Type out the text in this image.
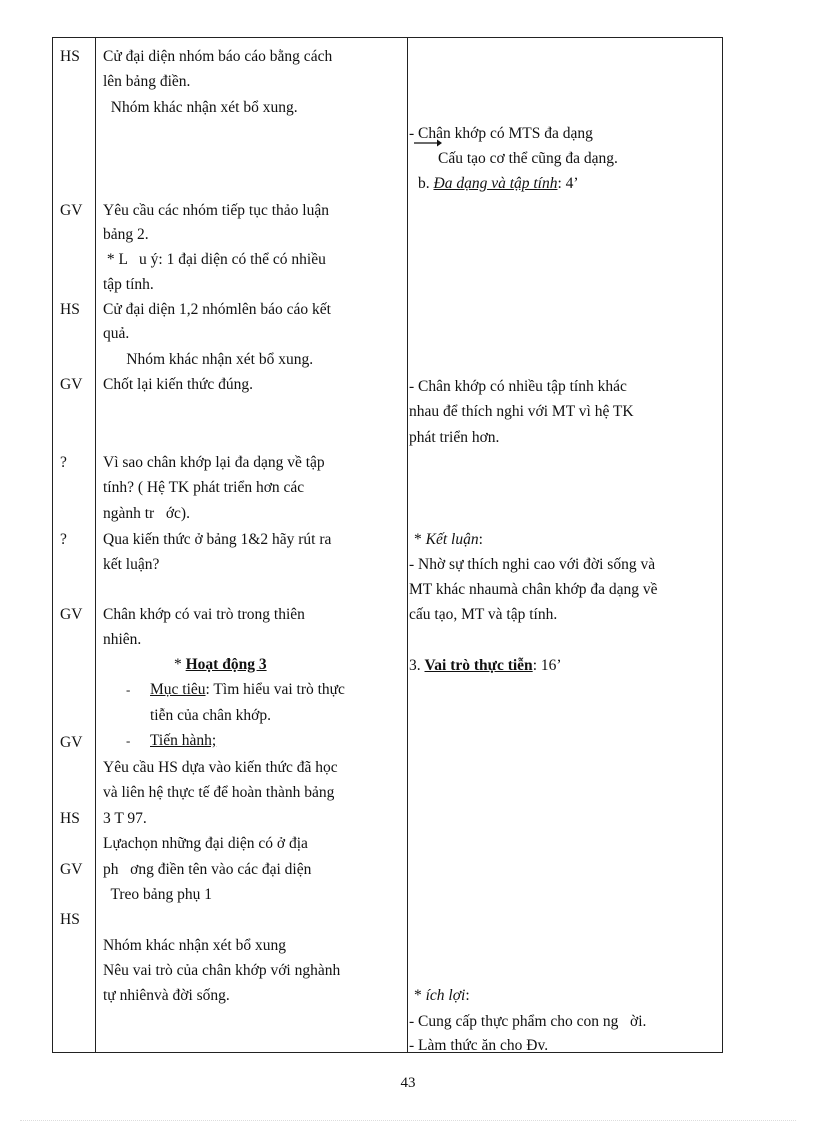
HS
GV
HS
GV
?
?
GV
GV
HS
GV
HS
Cử đại diện nhóm báo cáo bằng cách
lên bảng điền.
Nhóm khác nhận xét bổ xung.
Yêu cầu các nhóm tiếp tục thảo luận
bảng 2.
* L   u ý: 1 đại diện có thể có nhiều
tập tính.
Cử đại diện 1,2 nhómlên báo cáo kết
quả.
Nhóm khác nhận xét bổ xung.
Chốt lại kiến thức đúng.
Vì sao chân khớp lại đa dạng về tập
tính? ( Hệ TK phát triển hơn các
ngành tr   ớc).
Qua kiến thức ở bảng 1&2 hãy rút ra
kết luận?
Chân khớp có vai trò trong thiên
nhiên.
* Hoạt động 3
- Mục tiêu: Tìm hiểu vai trò thực
tiễn của chân khớp.
- Tiến hành;
Yêu cầu HS dựa vào kiến thức đã học
và liên hệ thực tế để hoàn thành bảng
3 T 97.
Lựachọn những đại diện có ở địa
ph   ơng điền tên vào các đại diện
Treo bảng phụ 1
Nhóm khác nhận xét bổ xung
Nêu vai trò của chân khớp với nghành
tự nhiênvà đời sống.
- Chân khớp có MTS đa dạng
Cấu tạo cơ thể cũng đa dạng.
b. Đa dạng và tập tính: 4’
- Chân khớp có nhiều tập tính khác
nhau để thích nghi với MT vì hệ TK
phát triển hơn.
* Kết luận:
- Nhờ sự thích nghi cao với đời sống và
MT khác nhaumà chân khớp đa dạng về
cấu tạo, MT và tập tính.
3. Vai trò thực tiễn: 16’
* ích lợi:
- Cung cấp thực phẩm cho con ng   ời.
- Làm thức ăn cho Đv.
43
